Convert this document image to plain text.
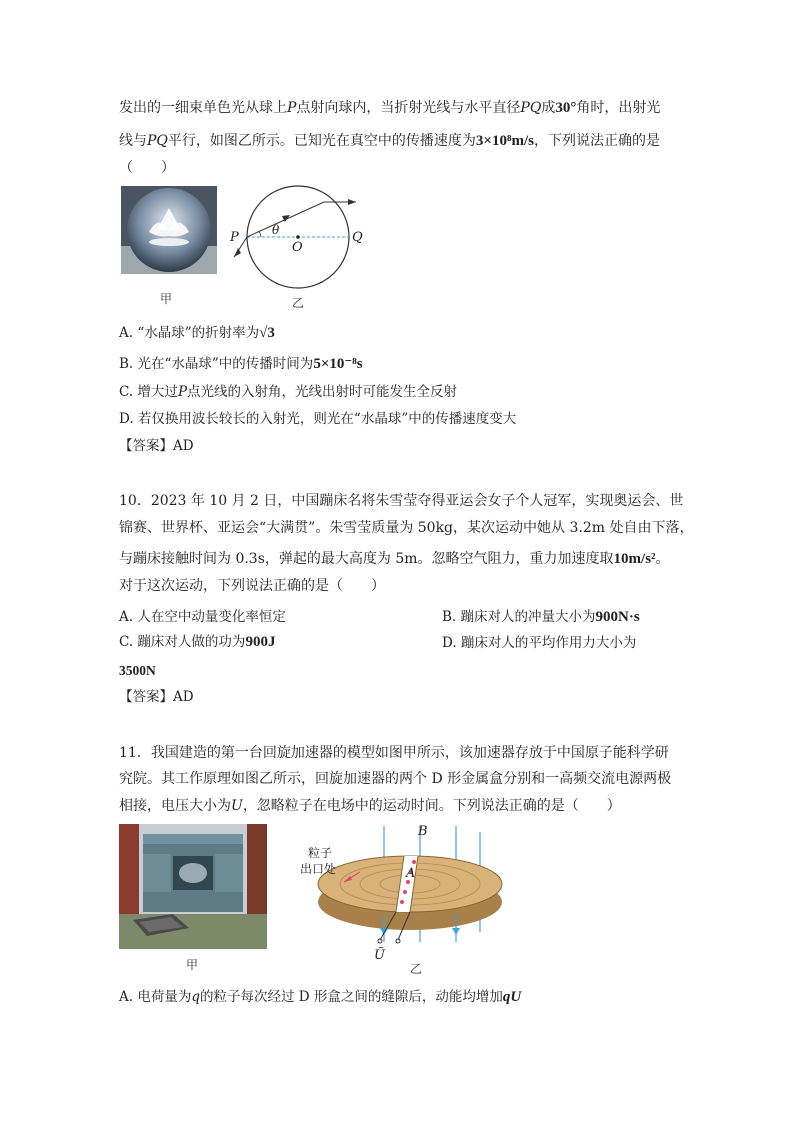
发出的一细束单色光从球上P点射向球内，当折射光线与水平直径PQ成30°角时，出射光
线与PQ平行，如图乙所示。已知光在真空中的传播速度为3×10⁸m/s，下列说法正确的是
（　　）
甲
P	Q
O
θ
乙
A. “水晶球”的折射率为√3
B. 光在“水晶球”中的传播时间为5×10⁻⁸s
C. 增大过P点光线的入射角，光线出射时可能发生全反射
D. 若仅换用波长较长的入射光，则光在“水晶球”中的传播速度变大
【答案】AD
10．2023 年 10 月 2 日，中国蹦床名将朱雪莹夺得亚运会女子个人冠军，实现奥运会、世
锦赛、世界杯、亚运会“大满贯”。朱雪莹质量为 50kg，某次运动中她从 3.2m 处自由下落，
与蹦床接触时间为 0.3s，弹起的最大高度为 5m。忽略空气阻力，重力加速度取10m/s²。
对于这次运动，下列说法正确的是（　　）
A. 人在空中动量变化率恒定	B. 蹦床对人的冲量大小为900N·s
C. 蹦床对人做的功为900J	D. 蹦床对人的平均作用力大小为
3500N
【答案】AD
11．我国建造的第一台回旋加速器的模型如图甲所示，该加速器存放于中国原子能科学研
究院。其工作原理如图乙所示，回旋加速器的两个 D 形金属盒分别和一高频交流电源两极
相接，电压大小为U，忽略粒子在电场中的运动时间。下列说法正确的是（　　）
甲
粒子
出口处
B
A
Ũ
乙
A. 电荷量为q的粒子每次经过 D 形盒之间的缝隙后，动能均增加qU
